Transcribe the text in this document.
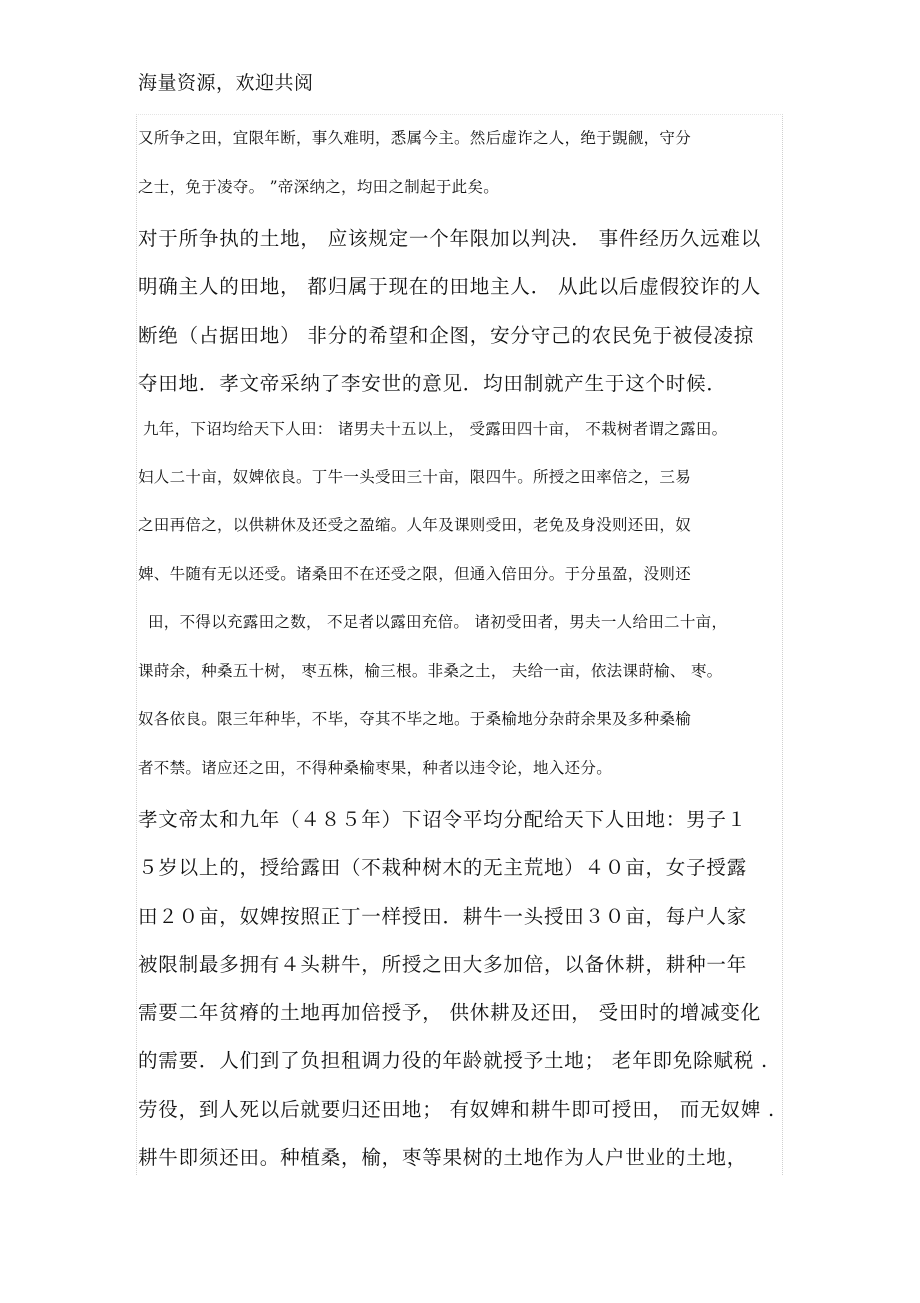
海量资源，欢迎共阅
又所争之田，宜限年断，事久难明，悉属今主。然后虚诈之人，绝于覬觎，守分
之士，免于凌夺。 ”帝深纳之，均田之制起于此矣。
对于所争执的土地， 应该规定一个年限加以判决． 事件经历久远难以
明确主人的田地， 都归属于现在的田地主人． 从此以后虚假狡诈的人
断绝（占据田地） 非分的希望和企图，安分守己的农民免于被侵凌掠
夺田地．孝文帝采纳了李安世的意见．均田制就产生于这个时候．
九年，下诏均给天下人田： 诸男夫十五以上， 受露田四十亩， 不栽树者谓之露田。
妇人二十亩，奴婢依良。丁牛一头受田三十亩，限四牛。所授之田率倍之，三易
之田再倍之，以供耕休及还受之盈缩。人年及课则受田，老免及身没则还田，奴
婢、牛随有无以还受。诸桑田不在还受之限，但通入倍田分。于分虽盈，没则还
田，不得以充露田之数， 不足者以露田充倍。 诸初受田者，男夫一人给田二十亩，
课莳余，种桑五十树， 枣五株，榆三根。非桑之土， 夫给一亩，依法课莳榆、 枣。
奴各依良。限三年种毕，不毕，夺其不毕之地。于桑榆地分杂莳余果及多种桑榆
者不禁。诸应还之田，不得种桑榆枣果，种者以违令论，地入还分。
孝文帝太和九年（４８５年）下诏令平均分配给天下人田地：男子１
５岁以上的，授给露田（不栽种树木的无主荒地）４０亩，女子授露
田２０亩，奴婢按照正丁一样授田．耕牛一头授田３０亩，每户人家
被限制最多拥有４头耕牛，所授之田大多加倍，以备休耕，耕种一年
需要二年贫瘠的土地再加倍授予， 供休耕及还田， 受田时的增减变化
的需要．人们到了负担租调力役的年龄就授予土地； 老年即免除赋税 .
劳役，到人死以后就要归还田地； 有奴婢和耕牛即可授田， 而无奴婢 .
耕牛即须还田。种植桑，榆，枣等果树的土地作为人户世业的土地，
